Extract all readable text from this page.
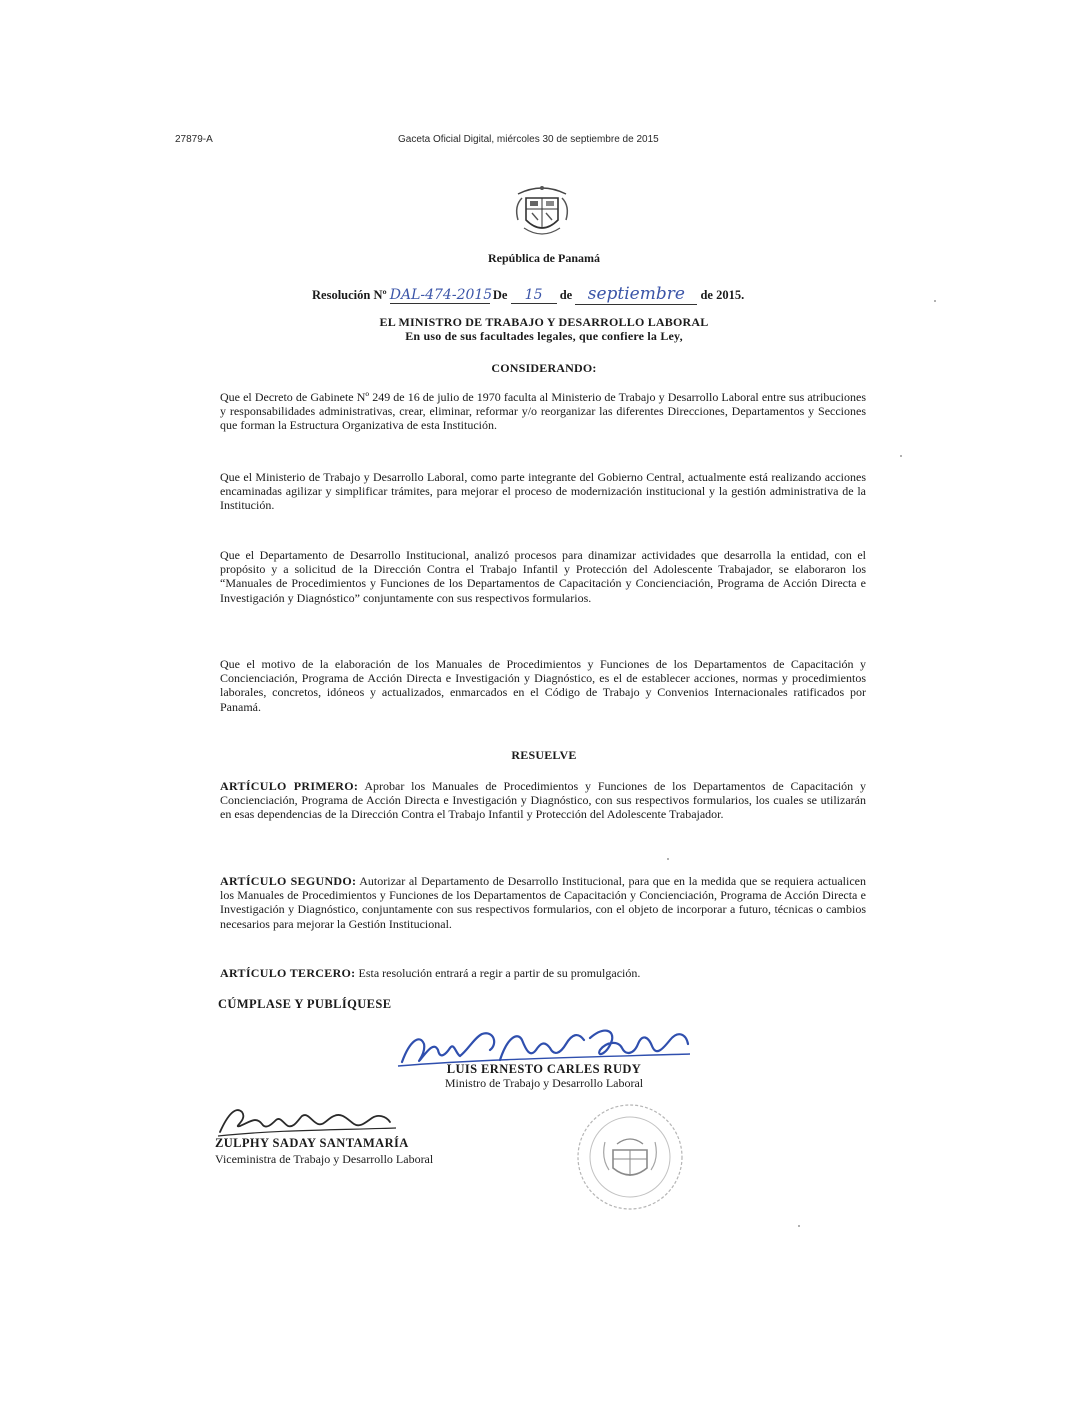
27879-A	Gaceta Oficial Digital, miércoles 30 de septiembre de 2015
República de Panamá
Resolución Nº DAL-474-2015 De 15 de septiembre de 2015.
EL MINISTRO DE TRABAJO Y DESARROLLO LABORAL
En uso de sus facultades legales, que confiere la Ley,
CONSIDERANDO:
Que el Decreto de Gabinete Nº 249 de 16 de julio de 1970 faculta al Ministerio de Trabajo y Desarrollo Laboral entre sus atribuciones y responsabilidades administrativas, crear, eliminar, reformar y/o reorganizar las diferentes Direcciones, Departamentos y Secciones que forman la Estructura Organizativa de esta Institución.
Que el Ministerio de Trabajo y Desarrollo Laboral, como parte integrante del Gobierno Central, actualmente está realizando acciones encaminadas agilizar y simplificar trámites, para mejorar el proceso de modernización institucional y la gestión administrativa de la Institución.
Que el Departamento de Desarrollo Institucional, analizó procesos para dinamizar actividades que desarrolla la entidad, con el propósito y a solicitud de la Dirección Contra el Trabajo Infantil y Protección del Adolescente Trabajador, se elaboraron los “Manuales de Procedimientos y Funciones de los Departamentos de Capacitación y Concienciación, Programa de Acción Directa e Investigación y Diagnóstico” conjuntamente con sus respectivos formularios.
Que el motivo de la elaboración de los Manuales de Procedimientos y Funciones de los Departamentos de Capacitación y Concienciación, Programa de Acción Directa e Investigación y Diagnóstico, es el de establecer acciones, normas y procedimientos laborales, concretos, idóneos y actualizados, enmarcados en el Código de Trabajo y Convenios Internacionales ratificados por Panamá.
RESUELVE
ARTÍCULO PRIMERO: Aprobar los Manuales de Procedimientos y Funciones de los Departamentos de Capacitación y Concienciación, Programa de Acción Directa e Investigación y Diagnóstico, con sus respectivos formularios, los cuales se utilizarán en esas dependencias de la Dirección Contra el Trabajo Infantil y Protección del Adolescente Trabajador.
ARTÍCULO SEGUNDO: Autorizar al Departamento de Desarrollo Institucional, para que en la medida que se requiera actualicen los Manuales de Procedimientos y Funciones de los Departamentos de Capacitación y Concienciación, Programa de Acción Directa e Investigación y Diagnóstico, conjuntamente con sus respectivos formularios, con el objeto de incorporar a futuro, técnicas o cambios necesarios para mejorar la Gestión Institucional.
ARTÍCULO TERCERO: Esta resolución entrará a regir a partir de su promulgación.
CÚMPLASE Y PUBLÍQUESE
LUIS ERNESTO CARLES RUDY
Ministro de Trabajo y Desarrollo Laboral
ZULPHY SADAY SANTAMARÍA
Viceministra de Trabajo y Desarrollo Laboral
